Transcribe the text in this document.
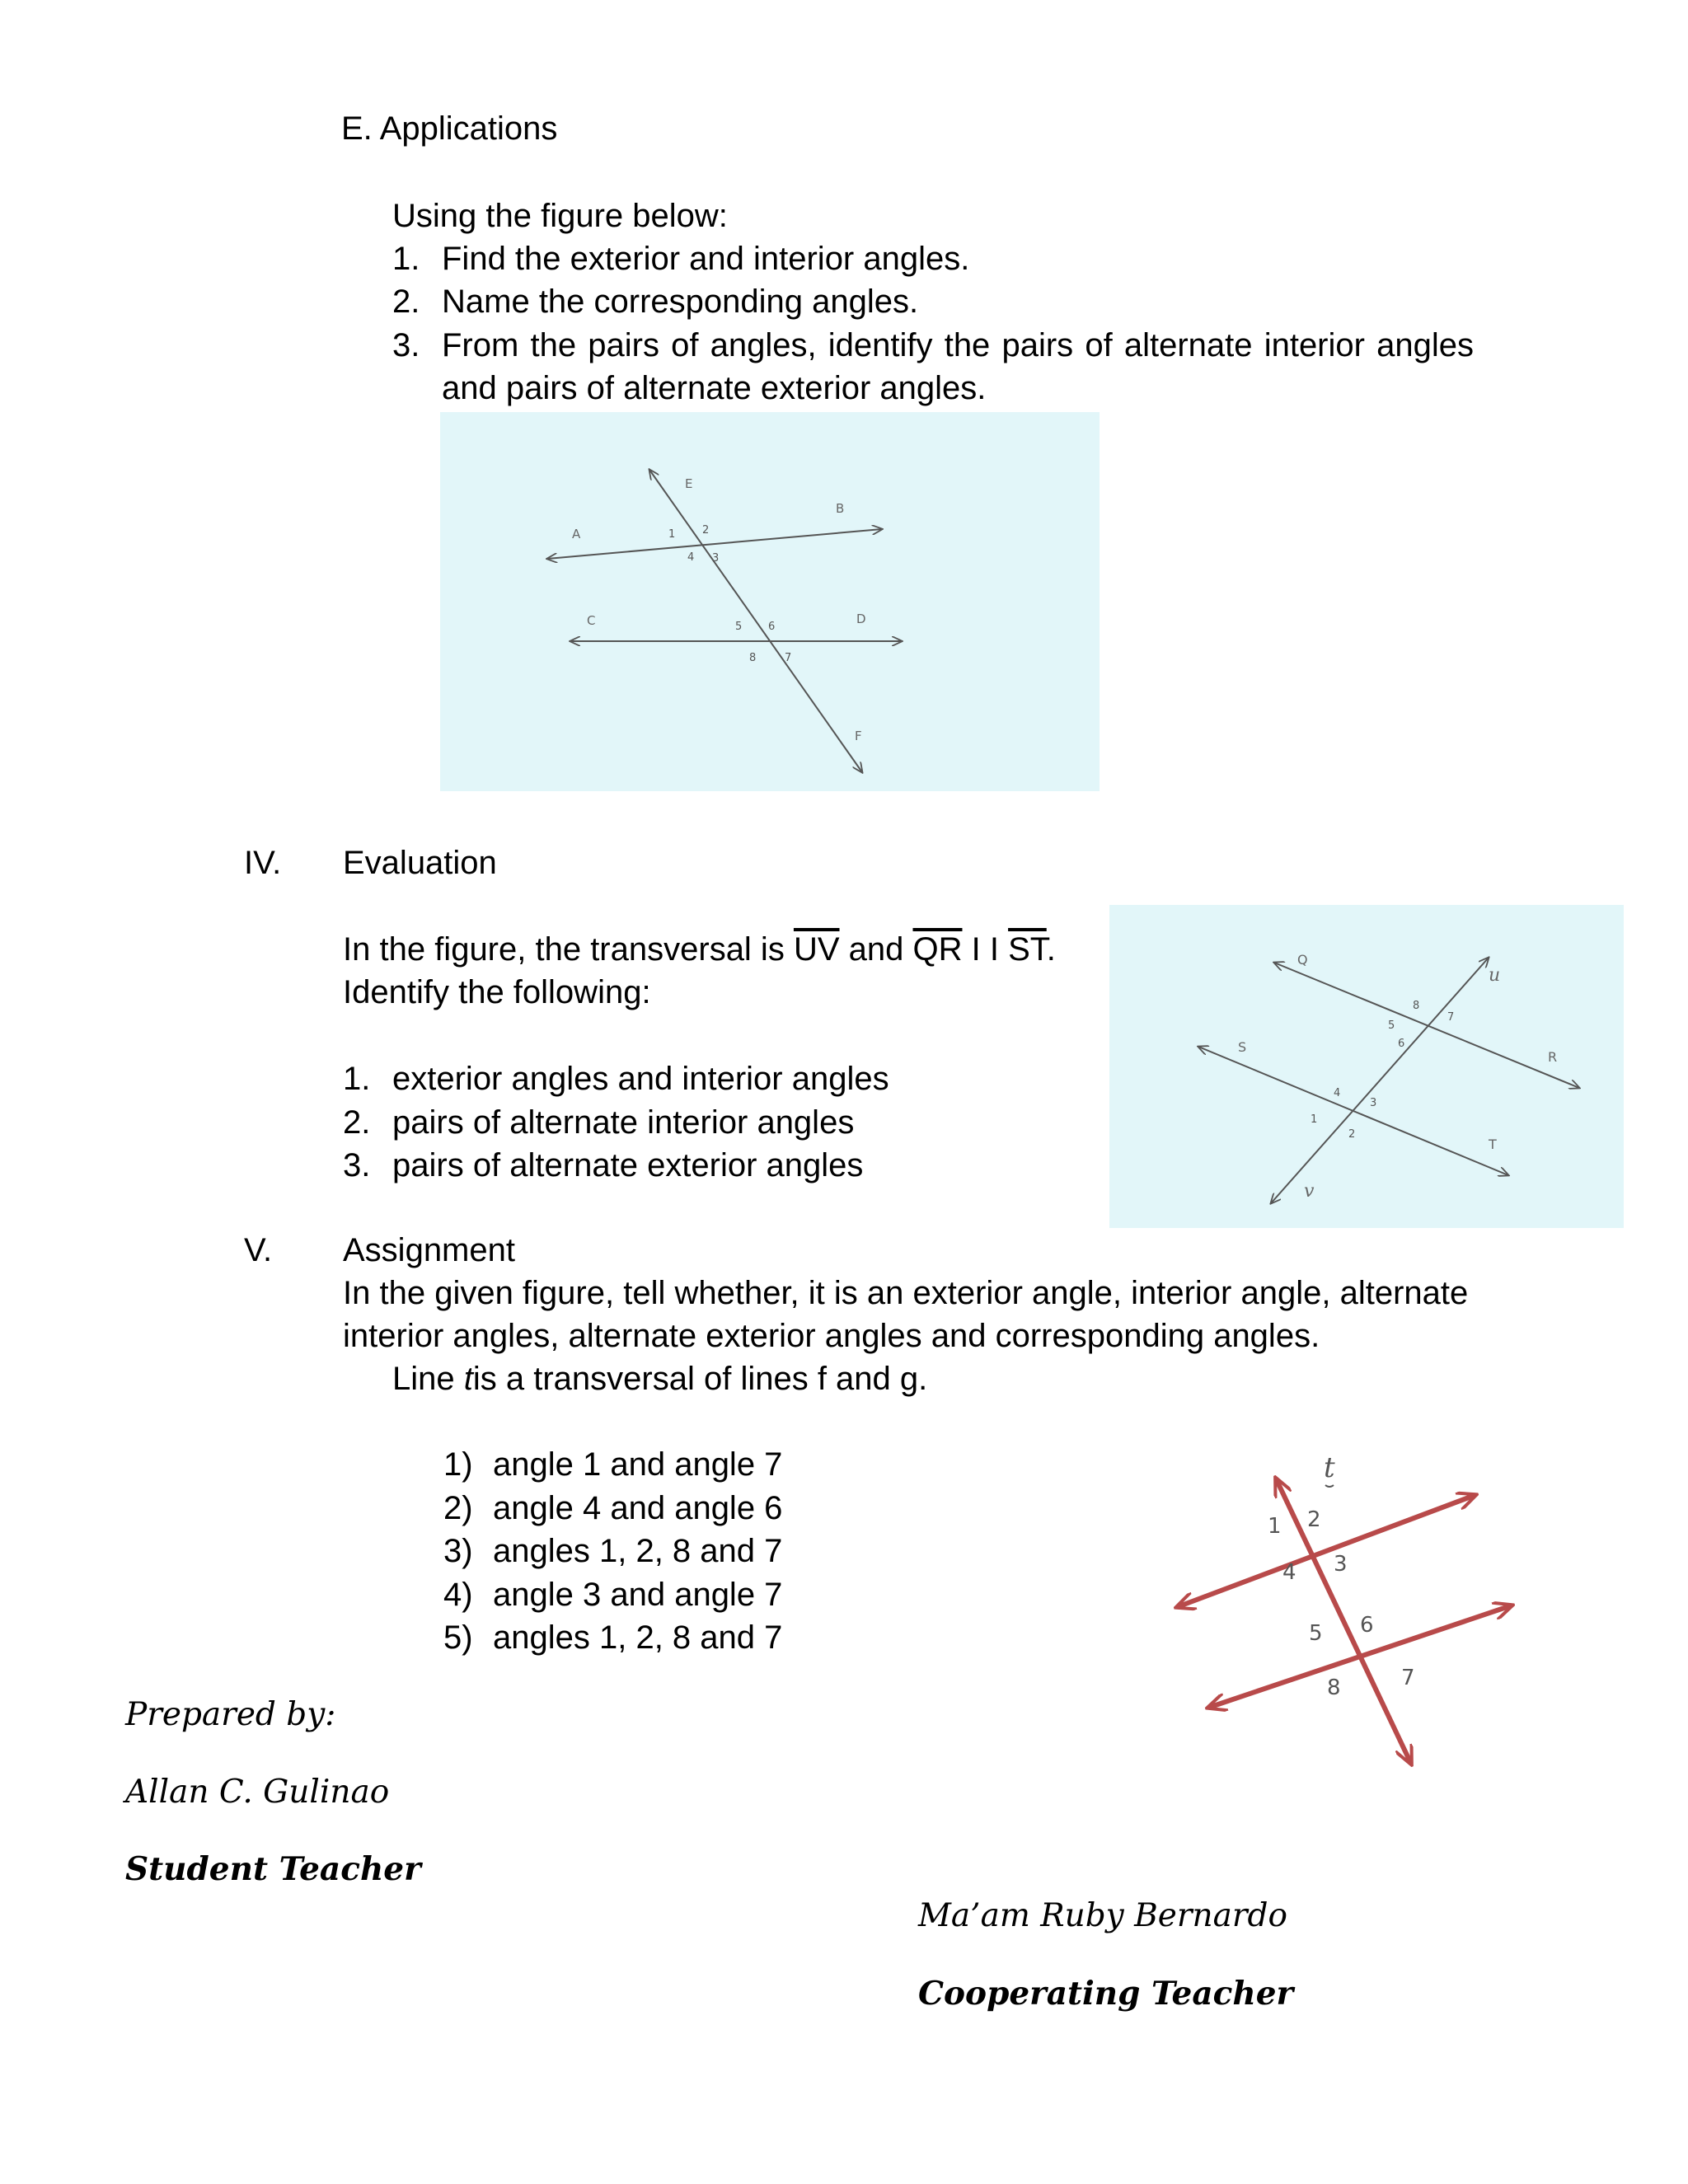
E. Applications
Using the figure below:
1. Find the exterior and interior angles.
2. Name the corresponding angles.
3. From the pairs of angles, identify the pairs of alternate interior angles
and pairs of alternate exterior angles.
A
B
C	D
E
F
1	2
3
4
5 6
7
8
IV. Evaluation
In the figure, the transversal is $\overline{UV}$ and $\overline{QR}$ I I $\overline{ST}$.
Identify the following:
1. exterior angles and interior angles
2. pairs of alternate interior angles
3. pairs of alternate exterior angles
Q
R
S
T
u
v
1
2
3
4
5
6
7
8
V. Assignment
In the given figure, tell whether, it is an exterior angle, interior angle, alternate
interior angles, alternate exterior angles and corresponding angles.
Line tis a transversal of lines f and g.
1) angle 1 and angle 7
2) angle 4 and angle 6
3) angles 1, 2, 8 and 7
4) angle 3 and angle 7
5) angles 1, 2, 8 and 7
t
1 2
3
4
5 6
7
8
Prepared by:
Allan C. Gulinao
Student Teacher
Ma’am Ruby Bernardo
Cooperating Teacher
